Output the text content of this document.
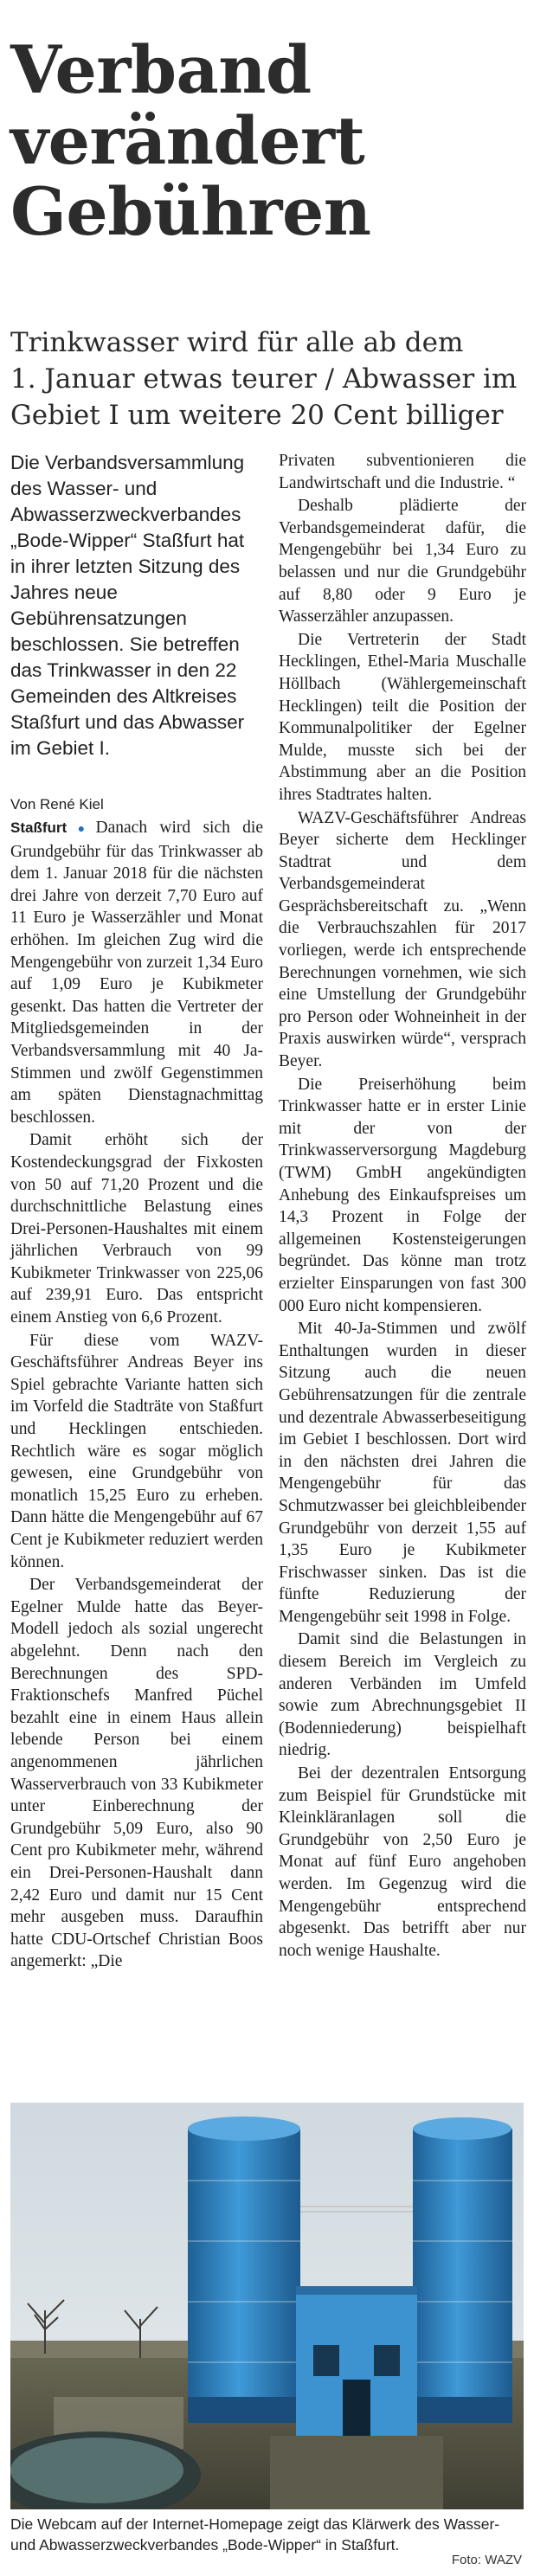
Verband
verändert
Gebühren
Trinkwasser wird für alle ab dem
1. Januar etwas teurer / Abwasser im
Gebiet I um weitere 20 Cent billiger

Die Verbandsversammlung des Wasser- und Abwasserzweckverbandes „Bode-Wipper“ Staßfurt hat in ihrer letzten Sitzung des Jahres neue Gebührensatzungen beschlossen. Sie betreffen das Trinkwasser in den 22 Gemeinden des Altkreises Staßfurt und das Abwasser im Gebiet I.

Von René Kiel

Staßfurt ● Danach wird sich die Grundgebühr für das Trinkwasser ab dem 1. Januar 2018 für die nächsten drei Jahre von derzeit 7,70 Euro auf 11 Euro je Wasserzähler und Monat erhöhen. Im gleichen Zug wird die Mengengebühr von zurzeit 1,34 Euro auf 1,09 Euro je Kubikmeter gesenkt. Das hatten die Vertreter der Mitgliedsgemeinden in der Verbandsversammlung mit 40 Ja-Stimmen und zwölf Gegenstimmen am späten Dienstagnachmittag beschlossen.

Damit erhöht sich der Kostendeckungsgrad der Fixkosten von 50 auf 71,20 Prozent und die durchschnittliche Belastung eines Drei-Personen-Haushaltes mit einem jährlichen Verbrauch von 99 Kubikmeter Trinkwasser von 225,06 auf 239,91 Euro. Das entspricht einem Anstieg von 6,6 Prozent.

Für diese vom WAZV-Geschäftsführer Andreas Beyer ins Spiel gebrachte Variante hatten sich im Vorfeld die Stadträte von Staßfurt und Hecklingen entschieden. Rechtlich wäre es sogar möglich gewesen, eine Grundgebühr von monatlich 15,25 Euro zu erheben. Dann hätte die Mengengebühr auf 67 Cent je Kubikmeter reduziert werden können.

Der Verbandsgemeinderat der Egelner Mulde hatte das Beyer-Modell jedoch als sozial ungerecht abgelehnt. Denn nach den Berechnungen des SPD-Fraktionschefs Manfred Püchel bezahlt eine in einem Haus allein lebende Person bei einem angenommenen jährlichen Wasserverbrauch von 33 Kubikmeter unter Einberechnung der Grundgebühr 5,09 Euro, also 90 Cent pro Kubikmeter mehr, während ein Drei-Personen-Haushalt dann 2,42 Euro und damit nur 15 Cent mehr ausgeben muss. Daraufhin hatte CDU-Ortschef Christian Boos angemerkt: „Die

Privaten subventionieren die Landwirtschaft und die Industrie. “

Deshalb plädierte der Verbandsgemeinderat dafür, die Mengengebühr bei 1,34 Euro zu belassen und nur die Grundgebühr auf 8,80 oder 9 Euro je Wasserzähler anzupassen.

Die Vertreterin der Stadt Hecklingen, Ethel-Maria Muschalle Höllbach (Wählergemeinschaft Hecklingen) teilt die Position der Kommunalpolitiker der Egelner Mulde, musste sich bei der Abstimmung aber an die Position ihres Stadtrates halten.

WAZV-Geschäftsführer Andreas Beyer sicherte dem Hecklinger Stadtrat und dem Verbandsgemeinderat Gesprächsbereitschaft zu. „Wenn die Verbrauchszahlen für 2017 vorliegen, werde ich entsprechende Berechnungen vornehmen, wie sich eine Umstellung der Grundgebühr pro Person oder Wohneinheit in der Praxis auswirken würde“, versprach Beyer.

Die Preiserhöhung beim Trinkwasser hatte er in erster Linie mit der von der Trinkwasserversorgung Magdeburg (TWM) GmbH angekündigten Anhebung des Einkaufspreises um 14,3 Prozent in Folge der allgemeinen Kostensteigerungen begründet. Das könne man trotz erzielter Einsparungen von fast 300 000 Euro nicht kompensieren.

Mit 40-Ja-Stimmen und zwölf Enthaltungen wurden in dieser Sitzung auch die neuen Gebührensatzungen für die zentrale und dezentrale Abwasserbeseitigung im Gebiet I beschlossen. Dort wird in den nächsten drei Jahren die Mengengebühr für das Schmutzwasser bei gleichbleibender Grundgebühr von derzeit 1,55 auf 1,35 Euro je Kubikmeter Frischwasser sinken. Das ist die fünfte Reduzierung der Mengengebühr seit 1998 in Folge.

Damit sind die Belastungen in diesem Bereich im Vergleich zu anderen Verbänden im Umfeld sowie zum Abrechnungsgebiet II (Bodenniederung) beispielhaft niedrig.

Bei der dezentralen Entsorgung zum Beispiel für Grundstücke mit Kleinkläranlagen soll die Grundgebühr von 2,50 Euro je Monat auf fünf Euro angehoben werden. Im Gegenzug wird die Mengengebühr entsprechend abgesenkt. Das betrifft aber nur noch wenige Haushalte.

Die Webcam auf der Internet-Homepage zeigt das Klärwerk des Wasser- und Abwasserzweckverbandes „Bode-Wipper“ in Staßfurt.
Foto: WAZV
